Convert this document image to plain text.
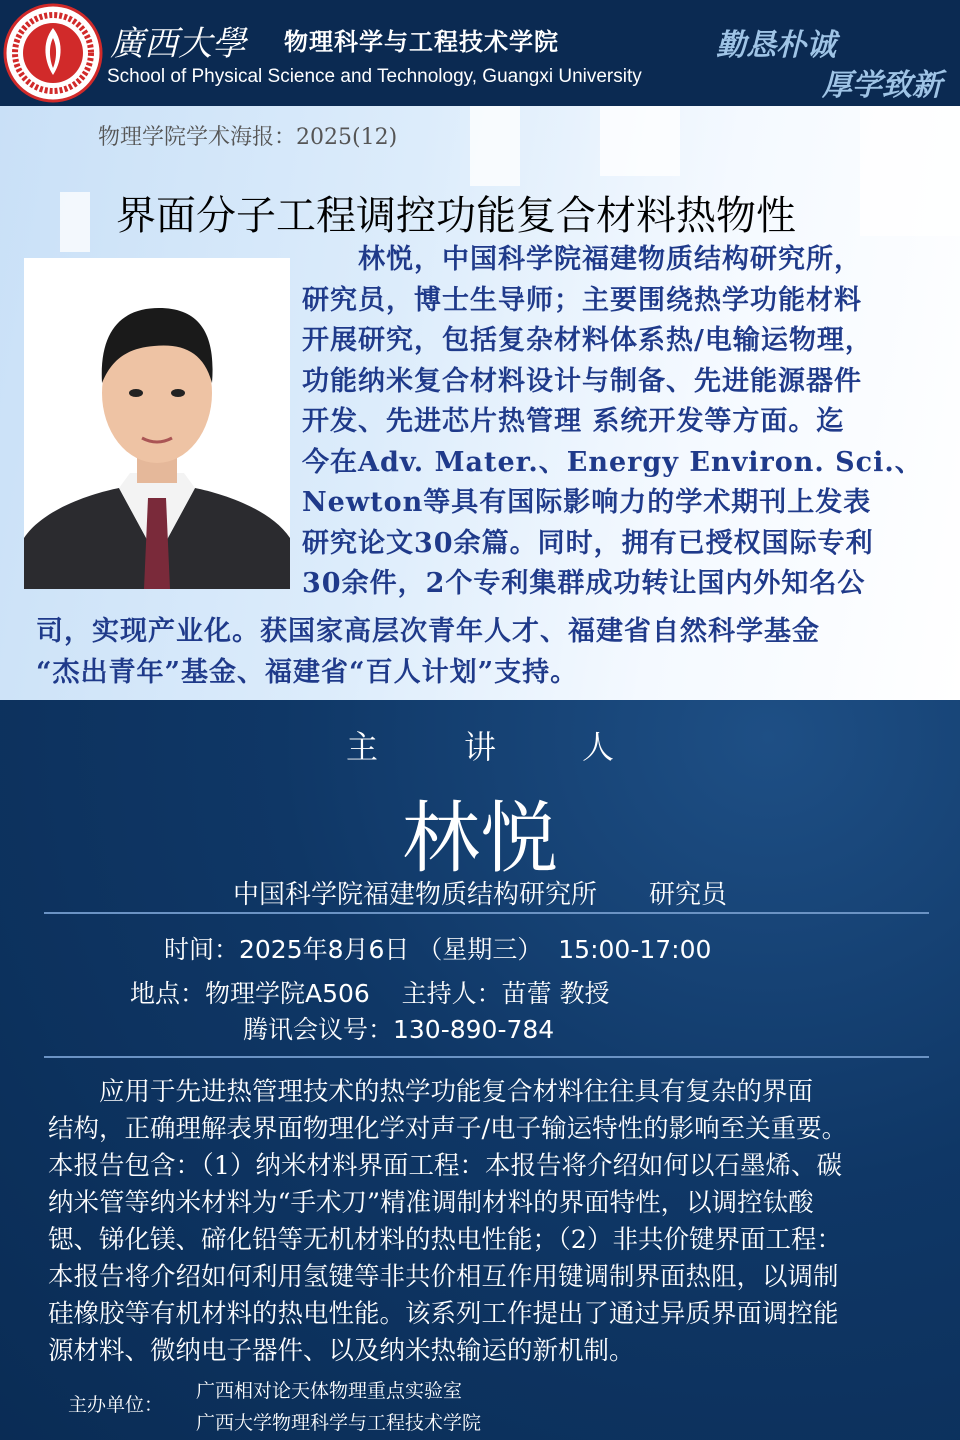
廣西大學 物理科学与工程技术学院
School of Physical Science and Technology, Guangxi University
勤恳朴诚
厚学致新
物理学院学术海报：2025(12)
界面分子工程调控功能复合材料热物性
　　林悦，中国科学院福建物质结构研究所，
研究员，博士生导师；主要围绕热学功能材料
开展研究，包括复杂材料体系热/电输运物理，
功能纳米复合材料设计与制备、先进能源器件
开发、先进芯片热管理 系统开发等方面。迄
今在Adv. Mater.、Energy Environ. Sci.、
Newton等具有国际影响力的学术期刊上发表
研究论文30余篇。同时，拥有已授权国际专利
30余件，2个专利集群成功转让国内外知名公
司，实现产业化。获国家高层次青年人才、福建省自然科学基金
“杰出青年”基金、福建省“百人计划”支持。
主讲人
林悦
中国科学院福建物质结构研究所　　研究员
时间：2025年8月6日 （星期三）  15:00-17:00
地点：物理学院A506    主持人：苗蕾 教授
腾讯会议号：130-890-784
　　应用于先进热管理技术的热学功能复合材料往往具有复杂的界面
结构，正确理解表界面物理化学对声子/电子输运特性的影响至关重要。
本报告包含：（1）纳米材料界面工程：本报告将介绍如何以石墨烯、碳
纳米管等纳米材料为“手术刀”精准调制材料的界面特性，以调控钛酸
锶、锑化镁、碲化铅等无机材料的热电性能；（2）非共价键界面工程：
本报告将介绍如何利用氢键等非共价相互作用键调制界面热阻，以调制
硅橡胶等有机材料的热电性能。该系列工作提出了通过异质界面调控能
源材料、微纳电子器件、以及纳米热输运的新机制。
主办单位：
广西相对论天体物理重点实验室
广西大学物理科学与工程技术学院
